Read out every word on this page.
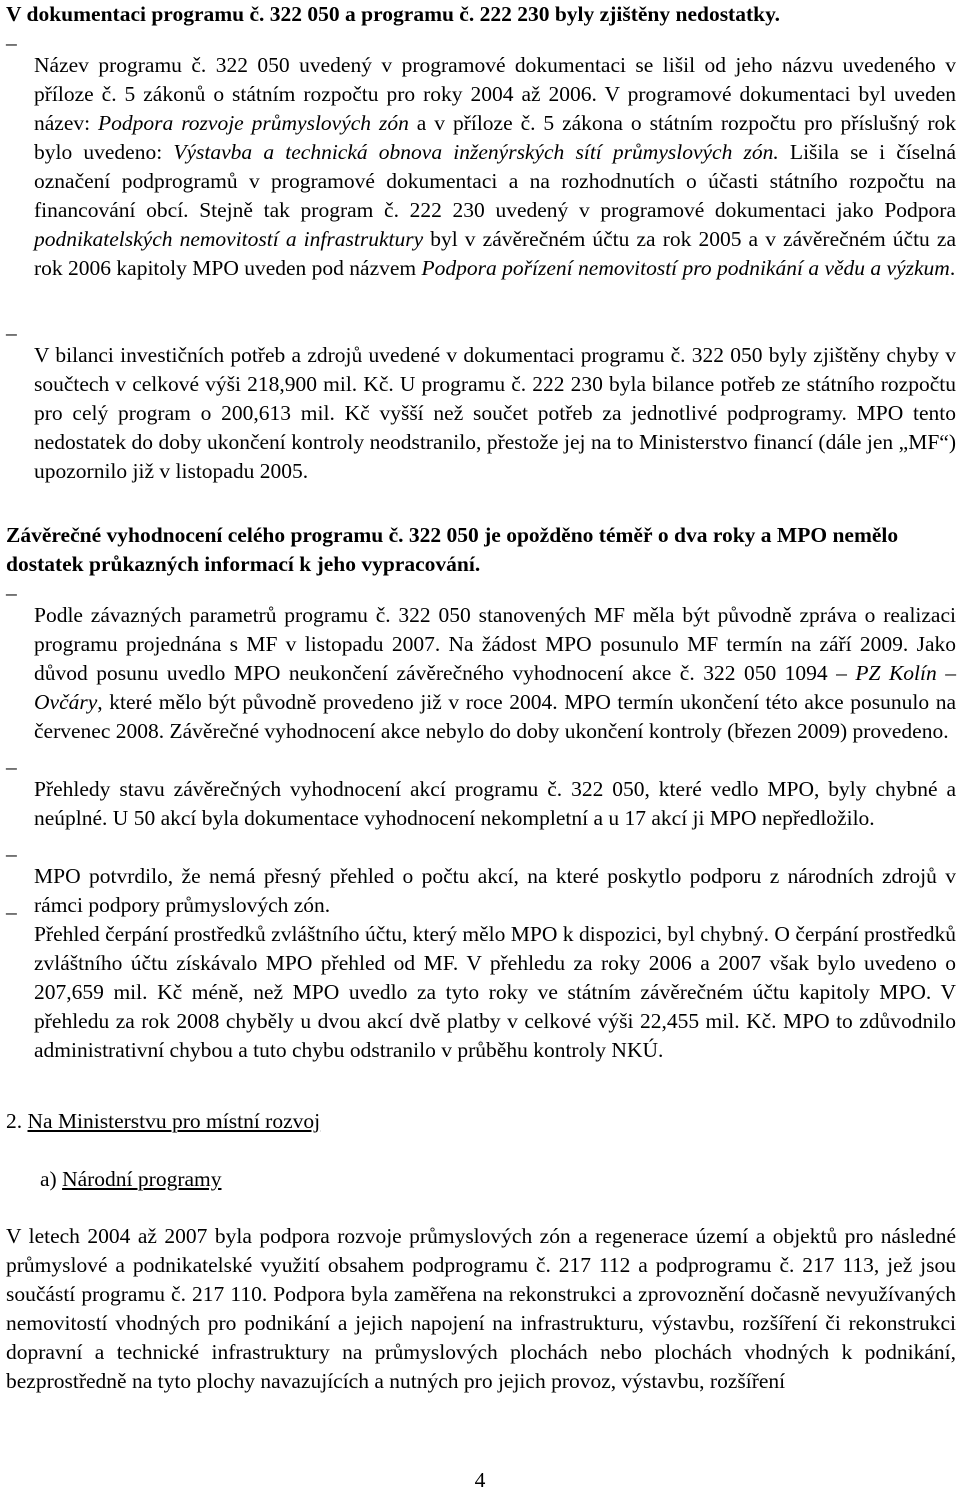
V dokumentaci programu č. 322 050 a programu č. 222 230 byly zjištěny nedostatky.
–

Název programu č. 322 050 uvedený v programové dokumentaci se lišil od jeho názvu uvedeného v příloze č. 5 zákonů o státním rozpočtu pro roky 2004 až 2006. V programové dokumentaci byl uveden název: Podpora rozvoje průmyslových zón a v příloze č. 5 zákona o státním rozpočtu pro příslušný rok bylo uvedeno: Výstavba a technická obnova inženýrských sítí průmyslových zón. Lišila se i číselná označení podprogramů v programové dokumentaci a na rozhodnutích o účasti státního rozpočtu na financování obcí. Stejně tak program č. 222 230 uvedený v programové dokumentaci jako Podpora podnikatelských nemovitostí a infrastruktury byl v závěrečném účtu za rok 2005 a v závěrečném účtu za rok 2006 kapitoly MPO uveden pod názvem Podpora pořízení nemovitostí pro podnikání a vědu a výzkum.

–

V bilanci investičních potřeb a zdrojů uvedené v dokumentaci programu č. 322 050 byly zjištěny chyby v součtech v celkové výši 218,900 mil. Kč. U programu č. 222 230 byla bilance potřeb ze státního rozpočtu pro celý program o 200,613 mil. Kč vyšší než součet potřeb za jednotlivé podprogramy. MPO tento nedostatek do doby ukončení kontroly neodstranilo, přestože jej na to Ministerstvo financí (dále jen „MF“) upozornilo již v listopadu 2005.

Závěrečné vyhodnocení celého programu č. 322 050 je opožděno téměř o dva roky a MPO nemělo dostatek průkazných informací k jeho vypracování.
–

Podle závazných parametrů programu č. 322 050 stanovených MF měla být původně zpráva o realizaci programu projednána s MF v listopadu 2007. Na žádost MPO posunulo MF termín na září 2009. Jako důvod posunu uvedlo MPO neukončení závěrečného vyhodnocení akce č. 322 050 1094 – PZ Kolín – Ovčáry, které mělo být původně provedeno již v roce 2004. MPO termín ukončení této akce posunulo na červenec 2008. Závěrečné vyhodnocení akce nebylo do doby ukončení kontroly (březen 2009) provedeno.

–

Přehledy stavu závěrečných vyhodnocení akcí programu č. 322 050, které vedlo MPO, byly chybné a neúplné. U 50 akcí byla dokumentace vyhodnocení nekompletní a u 17 akcí ji MPO nepředložilo.

–

MPO potvrdilo, že nemá přesný přehled o počtu akcí, na které poskytlo podporu z národních zdrojů v rámci podpory průmyslových zón.

–

Přehled čerpání prostředků zvláštního účtu, který mělo MPO k dispozici, byl chybný. O čerpání prostředků zvláštního účtu získávalo MPO přehled od MF. V přehledu za roky 2006 a 2007 však bylo uvedeno o 207,659 mil. Kč méně, než MPO uvedlo za tyto roky ve státním závěrečném účtu kapitoly MPO. V přehledu za rok 2008 chyběly u dvou akcí dvě platby v celkové výši 22,455 mil. Kč. MPO to zdůvodnilo administrativní chybou a tuto chybu odstranilo v průběhu kontroly NKÚ.

2. Na Ministerstvu pro místní rozvoj
a) Národní programy

V letech 2004 až 2007 byla podpora rozvoje průmyslových zón a regenerace území a objektů pro následné průmyslové a podnikatelské využití obsahem podprogramu č. 217 112 a podprogramu č. 217 113, jež jsou součástí programu č. 217 110. Podpora byla zaměřena na rekonstrukci a zprovoznění dočasně nevyužívaných nemovitostí vhodných pro podnikání a jejich napojení na infrastrukturu, výstavbu, rozšíření či rekonstrukci dopravní a technické infrastruktury na průmyslových plochách nebo plochách vhodných k podnikání, bezprostředně na tyto plochy navazujících a nutných pro jejich provoz, výstavbu, rozšíření

4
